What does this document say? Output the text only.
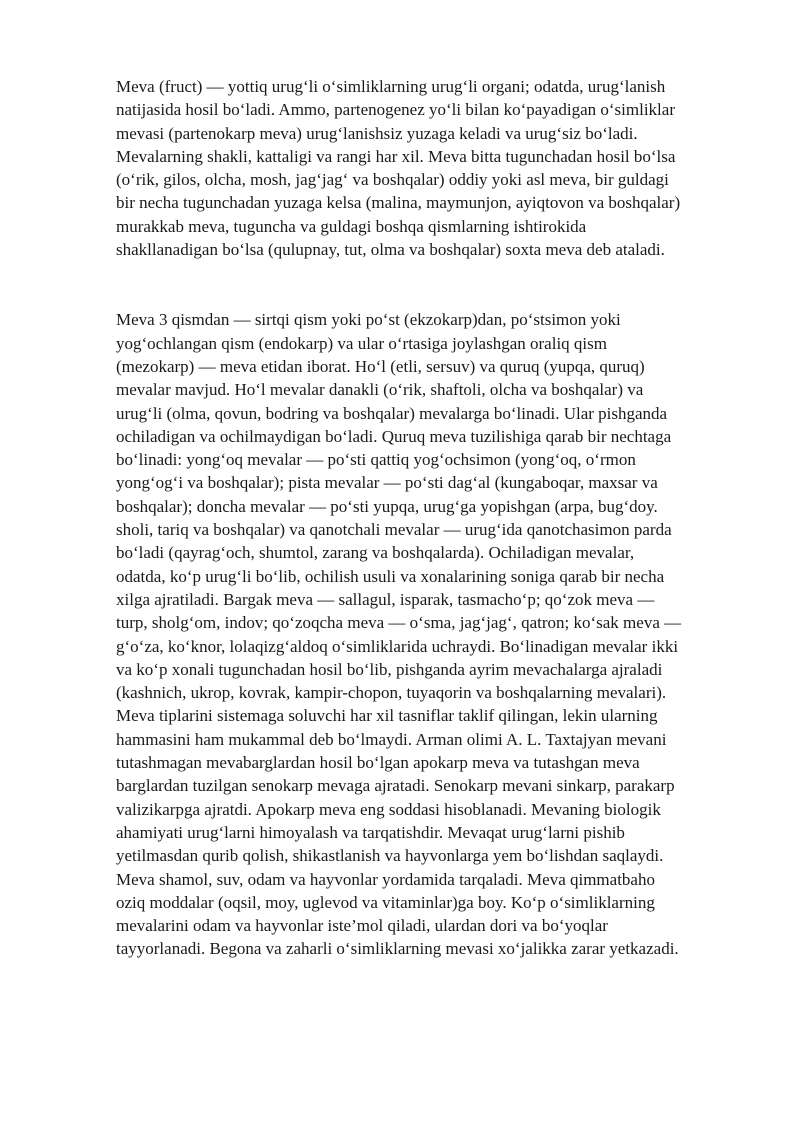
Meva (fruct) — yottiq urug‘li o‘simliklarning urug‘li organi; odatda, urug‘lanish

natijasida hosil bo‘ladi. Ammo, partenogenez yo‘li bilan ko‘payadigan o‘simliklar

mevasi (partenokarp meva) urug‘lanishsiz yuzaga keladi va urug‘siz bo‘ladi.

Mevalarning shakli, kattaligi va rangi har xil. Meva bitta tugunchadan hosil bo‘lsa

(o‘rik, gilos, olcha, mosh, jag‘jag‘ va boshqalar) oddiy yoki asl meva, bir guldagi

bir necha tugunchadan yuzaga kelsa (malina, maymunjon, ayiqtovon va boshqalar)

murakkab meva, tuguncha va guldagi boshqa qismlarning ishtirokida

shakllanadigan bo‘lsa (qulupnay, tut, olma va boshqalar) soxta meva deb ataladi.

Meva 3 qismdan — sirtqi qism yoki po‘st (ekzokarp)dan, po‘stsimon yoki

yog‘ochlangan qism (endokarp) va ular o‘rtasiga joylashgan oraliq qism

(mezokarp) — meva etidan iborat. Ho‘l (etli, sersuv) va quruq (yupqa, quruq)

mevalar mavjud. Ho‘l mevalar danakli (o‘rik, shaftoli, olcha va boshqalar) va

urug‘li (olma, qovun, bodring va boshqalar) mevalarga bo‘linadi. Ular pishganda

ochiladigan va ochilmaydigan bo‘ladi. Quruq meva tuzilishiga qarab bir nechtaga

bo‘linadi: yong‘oq mevalar — po‘sti qattiq yog‘ochsimon (yong‘oq, o‘rmon

yong‘og‘i va boshqalar); pista mevalar — po‘sti dag‘al (kungaboqar, maxsar va

boshqalar); doncha mevalar — po‘sti yupqa, urug‘ga yopishgan (arpa, bug‘doy.

sholi, tariq va boshqalar) va qanotchali mevalar — urug‘ida qanotchasimon parda

bo‘ladi (qayrag‘och, shumtol, zarang va boshqalarda). Ochiladigan mevalar,

odatda, ko‘p urug‘li bo‘lib, ochilish usuli va xonalarining soniga qarab bir necha

xilga ajratiladi. Bargak meva — sallagul, isparak, tasmacho‘p; qo‘zok meva —

turp, sholg‘om, indov; qo‘zoqcha meva — o‘sma, jag‘jag‘, qatron; ko‘sak meva —

g‘o‘za, ko‘knor, lolaqizg‘aldoq o‘simliklarida uchraydi. Bo‘linadigan mevalar ikki

va ko‘p xonali tugunchadan hosil bo‘lib, pishganda ayrim mevachalarga ajraladi

(kashnich, ukrop, kovrak, kampir-chopon, tuyaqorin va boshqalarning mevalari).

Meva tiplarini sistemaga soluvchi har xil tasniflar taklif qilingan, lekin ularning

hammasini ham mukammal deb bo‘lmaydi. Arman olimi A. L. Taxtajyan mevani

tutashmagan mevabarglardan hosil bo‘lgan apokarp meva va tutashgan meva

barglardan tuzilgan senokarp mevaga ajratadi. Senokarp mevani sinkarp, parakarp

valizikarpga ajratdi. Apokarp meva eng soddasi hisoblanadi. Mevaning biologik

ahamiyati urug‘larni himoyalash va tarqatishdir. Mevaqat urug‘larni pishib

yetilmasdan qurib qolish, shikastlanish va hayvonlarga yem bo‘lishdan saqlaydi.

Meva shamol, suv, odam va hayvonlar yordamida tarqaladi. Meva qimmatbaho

oziq moddalar (oqsil, moy, uglevod va vitaminlar)ga boy. Ko‘p o‘simliklarning

mevalarini odam va hayvonlar iste’mol qiladi, ulardan dori va bo‘yoqlar

tayyorlanadi. Begona va zaharli o‘simliklarning mevasi xo‘jalikka zarar yetkazadi.
